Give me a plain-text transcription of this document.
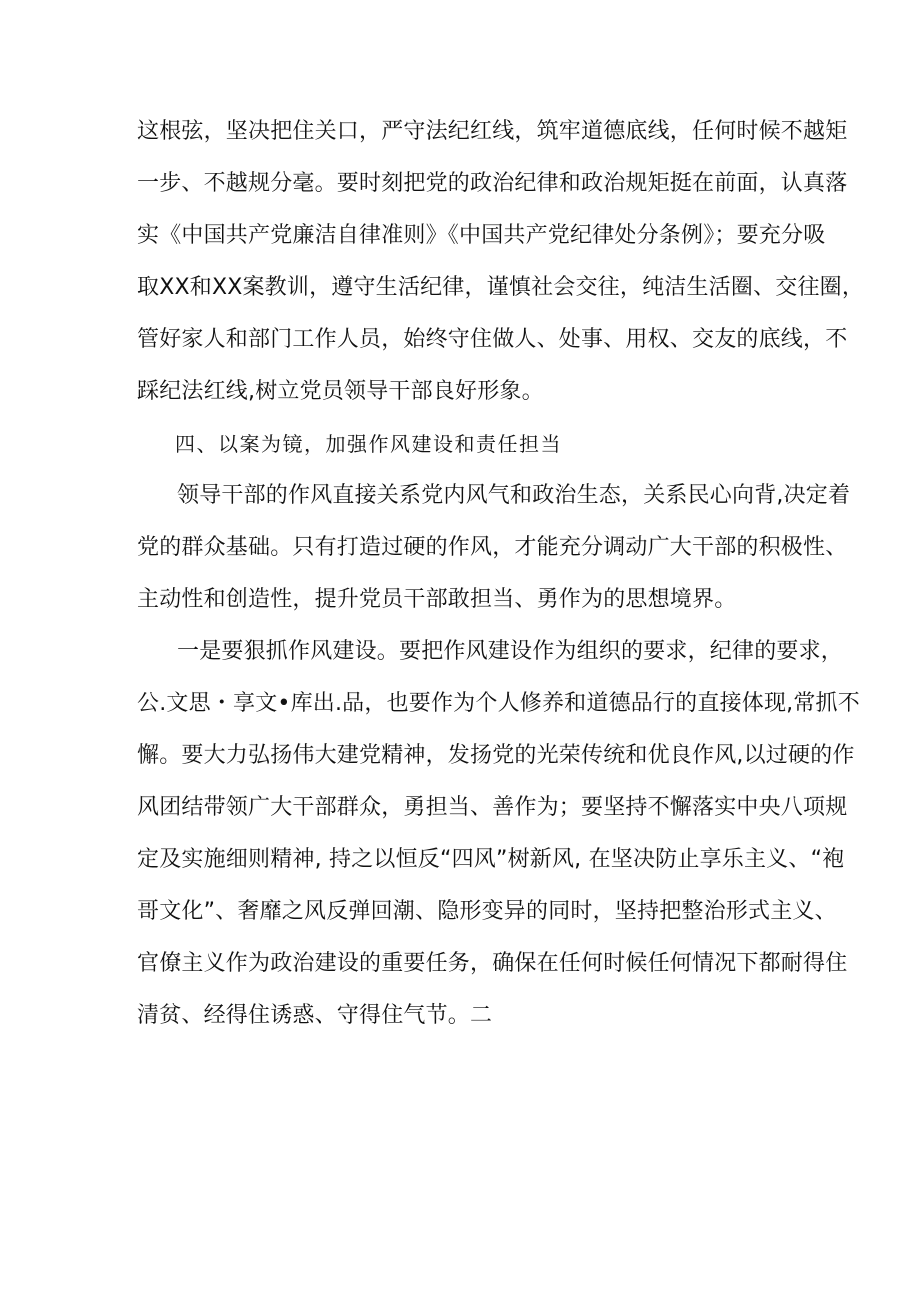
这根弦，坚决把住关口，严守法纪红线，筑牢道德底线，任何时候不越矩
一步、不越规分毫。要时刻把党的政治纪律和政治规矩挺在前面，认真落
实《中国共产党廉洁自律准则》《中国共产党纪律处分条例》；要充分吸
取XX和XX案教训，遵守生活纪律，谨慎社会交往，纯洁生活圈、交往圈，
管好家人和部门工作人员，始终守住做人、处事、用权、交友的底线，不
踩纪法红线,树立党员领导干部良好形象。
四、以案为镜，加强作风建设和责任担当
领导干部的作风直接关系党内风气和政治生态，关系民心向背,决定着
党的群众基础。只有打造过硬的作风，才能充分调动广大干部的积极性、
主动性和创造性，提升党员干部敢担当、勇作为的思想境界。
一是要狠抓作风建设。要把作风建设作为组织的要求，纪律的要求，
公.文思・享文•库出.品，也要作为个人修养和道德品行的直接体现,常抓不
懈。要大力弘扬伟大建党精神，发扬党的光荣传统和优良作风,以过硬的作
风团结带领广大干部群众，勇担当、善作为；要坚持不懈落实中央八项规
定及实施细则精神, 持之以恒反“四风”树新风, 在坚决防止享乐主义、“袍
哥文化”、奢靡之风反弹回潮、隐形变异的同时，坚持把整治形式主义、
官僚主义作为政治建设的重要任务，确保在任何时候任何情况下都耐得住
清贫、经得住诱惑、守得住气节。二
